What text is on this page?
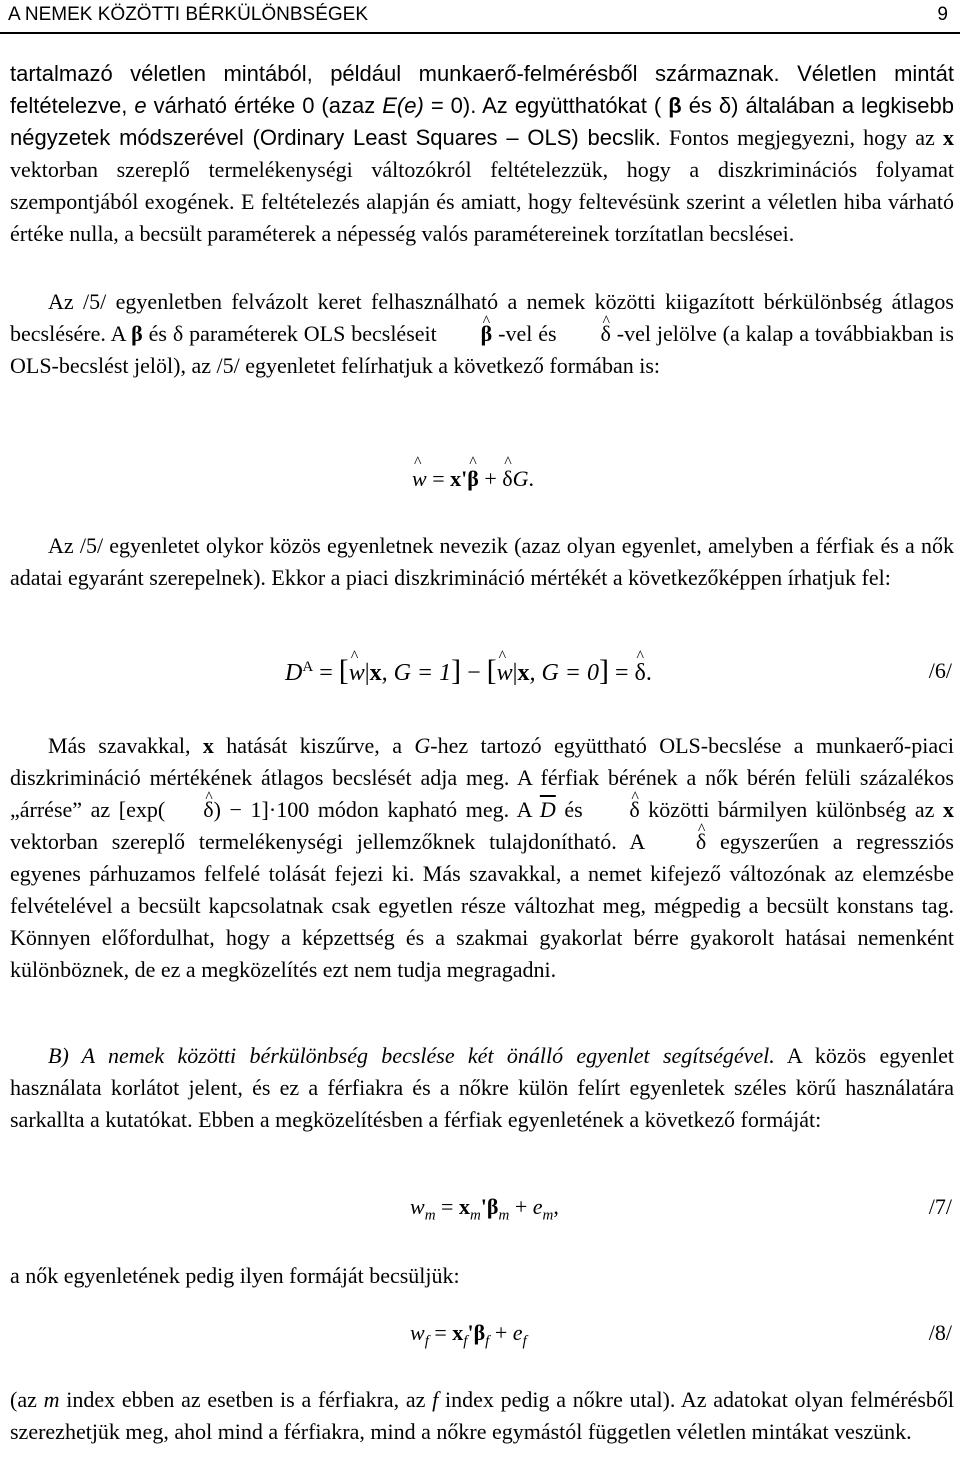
A NEMEK KÖZÖTTI BÉRKÜLÖNBSÉGEK	9
tartalmazó véletlen mintából, például munkaerő-felmérésből származnak. Véletlen mintát feltételezve, e várható értéke 0 (azaz E(e) = 0). Az együtthatókat ( β és δ) általában a legkisebb négyzetek módszerével (Ordinary Least Squares – OLS) becslik. Fontos megjegyezni, hogy az x vektorban szereplő termelékenységi változókról feltételezzük, hogy a diszkriminációs folyamat szempontjából exogének. E feltételezés alapján és amiatt, hogy feltevésünk szerint a véletlen hiba várható értéke nulla, a becsült paraméterek a népesség valós paramétereinek torzítatlan becslései.
Az /5/ egyenletben felvázolt keret felhasználható a nemek közötti kiigazított bérkülönbség átlagos becslésére. A β és δ paraméterek OLS becsléseit ^ β -vel és ^ δ -vel jelölve (a kalap a továbbiakban is OLS-becslést jelöl), az /5/ egyenletet felírhatjuk a következő formában is:
^ w = x'^ β + ^ δG.
Az /5/ egyenletet olykor közös egyenletnek nevezik (azaz olyan egyenlet, amelyben a férfiak és a nők adatai egyaránt szerepelnek). Ekkor a piaci diszkrimináció mértékét a következőképpen írhatjuk fel:
$D^A$ = [^ w|x, G = 1] − [^ w|x, G = 0] = ^ δ.	/6/
Más szavakkal, x hatását kiszűrve, a G-hez tartozó együttható OLS-becslése a munkaerő-piaci diszkrimináció mértékének átlagos becslését adja meg. A férfiak bérének a nők bérén felüli százalékos „árrése” az [exp( ^ δ) − 1]·100 módon kapható meg. A $\overline{D}$ és ^ δ közötti bármilyen különbség az x vektorban szereplő termelékenységi jellemzőknek tulajdonítható. A ^ δ egyszerűen a regressziós egyenes párhuzamos felfelé tolását fejezi ki. Más szavakkal, a nemet kifejező változónak az elemzésbe felvételével a becsült kapcsolatnak csak egyetlen része változhat meg, mégpedig a becsült konstans tag. Könnyen előfordulhat, hogy a képzettség és a szakmai gyakorlat bérre gyakorolt hatásai nemenként különböznek, de ez a megközelítés ezt nem tudja megragadni.
B) A nemek közötti bérkülönbség becslése két önálló egyenlet segítségével. A közös egyenlet használata korlátot jelent, és ez a férfiakra és a nőkre külön felírt egyenletek széles körű használatára sarkallta a kutatókat. Ebben a megközelítésben a férfiak egyenletének a következő formáját:
$w_m = x_m'\beta_m + e_m$,	/7/
a nők egyenletének pedig ilyen formáját becsüljük:
$w_f = x_f'\beta_f + e_f$	/8/
(az m index ebben az esetben is a férfiakra, az f index pedig a nőkre utal). Az adatokat olyan felmérésből szerezhetjük meg, ahol mind a férfiakra, mind a nőkre egymástól független véletlen mintákat veszünk.
